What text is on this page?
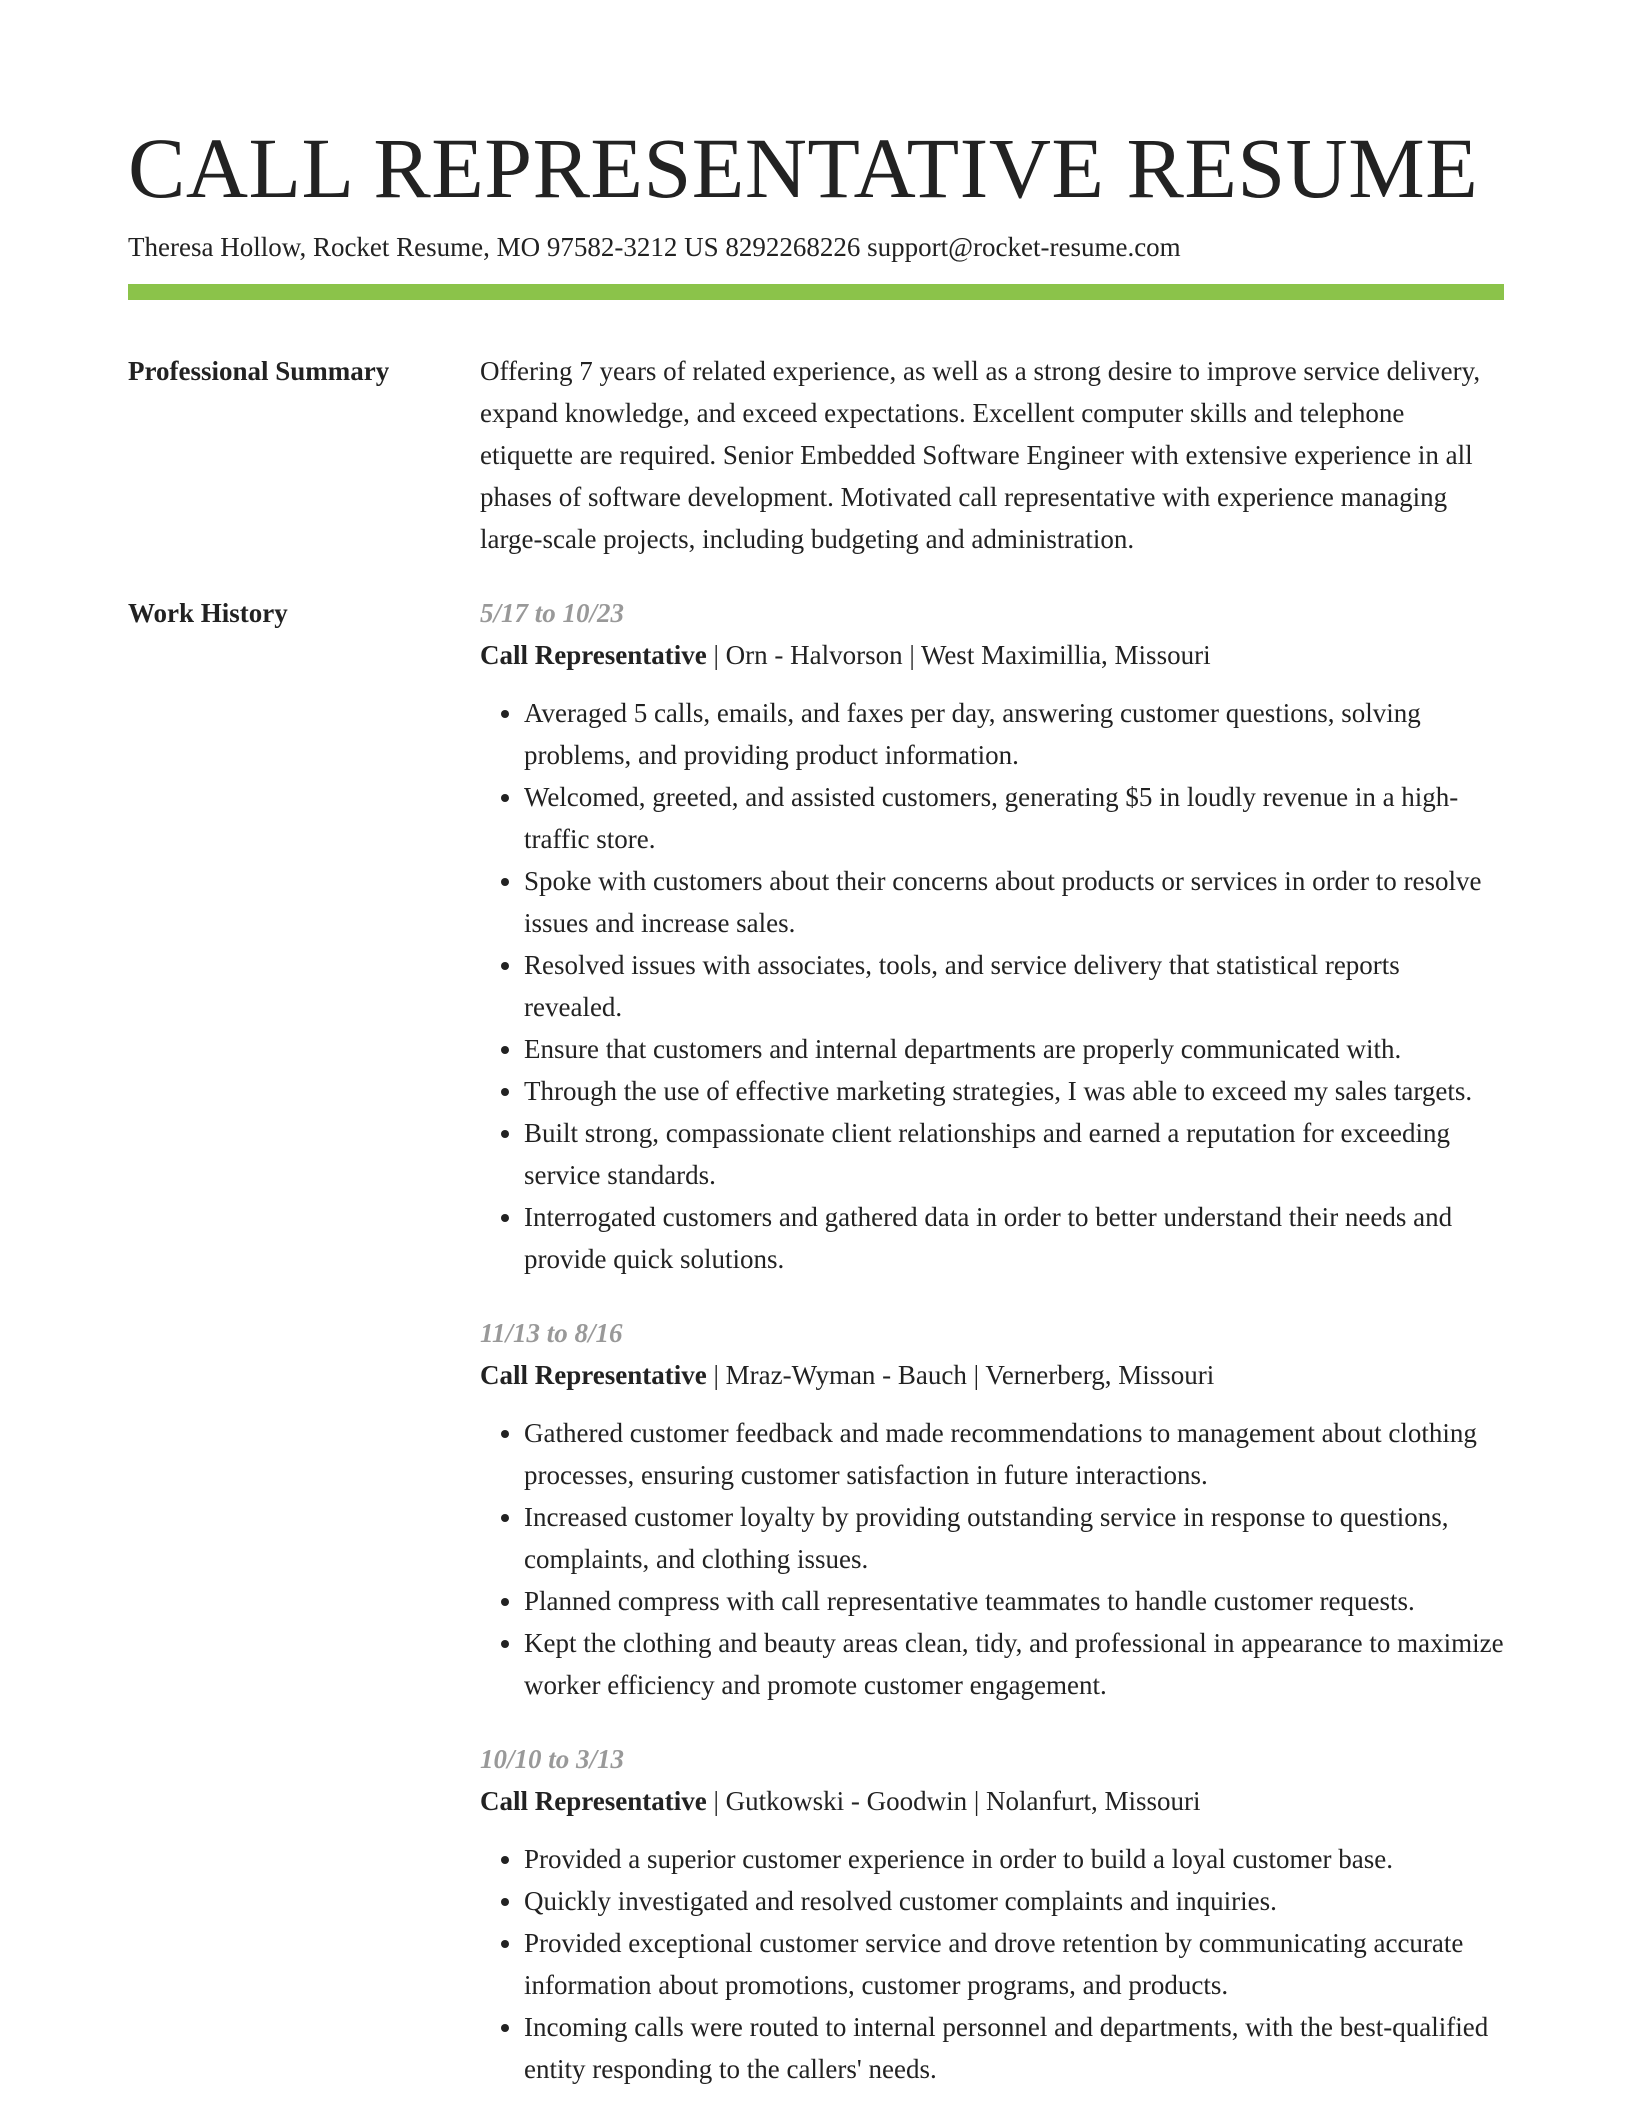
CALL REPRESENTATIVE RESUME
Theresa Hollow, Rocket Resume, MO 97582-3212 US 8292268226 support@rocket-resume.com
Professional Summary	Offering 7 years of related experience, as well as a strong desire to improve service delivery, expand knowledge, and exceed expectations. Excellent computer skills and telephone etiquette are required. Senior Embedded Software Engineer with extensive experience in all phases of software development. Motivated call representative with experience managing large-scale projects, including budgeting and administration.
Work History	5/17 to 10/23
Call Representative | Orn - Halvorson | West Maximillia, Missouri
• Averaged 5 calls, emails, and faxes per day, answering customer questions, solving problems, and providing product information.
• Welcomed, greeted, and assisted customers, generating $5 in loudly revenue in a high-traffic store.
• Spoke with customers about their concerns about products or services in order to resolve issues and increase sales.
• Resolved issues with associates, tools, and service delivery that statistical reports revealed.
• Ensure that customers and internal departments are properly communicated with.
• Through the use of effective marketing strategies, I was able to exceed my sales targets.
• Built strong, compassionate client relationships and earned a reputation for exceeding service standards.
• Interrogated customers and gathered data in order to better understand their needs and provide quick solutions.
11/13 to 8/16
Call Representative | Mraz-Wyman - Bauch | Vernerberg, Missouri
• Gathered customer feedback and made recommendations to management about clothing processes, ensuring customer satisfaction in future interactions.
• Increased customer loyalty by providing outstanding service in response to questions, complaints, and clothing issues.
• Planned compress with call representative teammates to handle customer requests.
• Kept the clothing and beauty areas clean, tidy, and professional in appearance to maximize worker efficiency and promote customer engagement.
10/10 to 3/13
Call Representative | Gutkowski - Goodwin | Nolanfurt, Missouri
• Provided a superior customer experience in order to build a loyal customer base.
• Quickly investigated and resolved customer complaints and inquiries.
• Provided exceptional customer service and drove retention by communicating accurate information about promotions, customer programs, and products.
• Incoming calls were routed to internal personnel and departments, with the best-qualified entity responding to the callers' needs.
